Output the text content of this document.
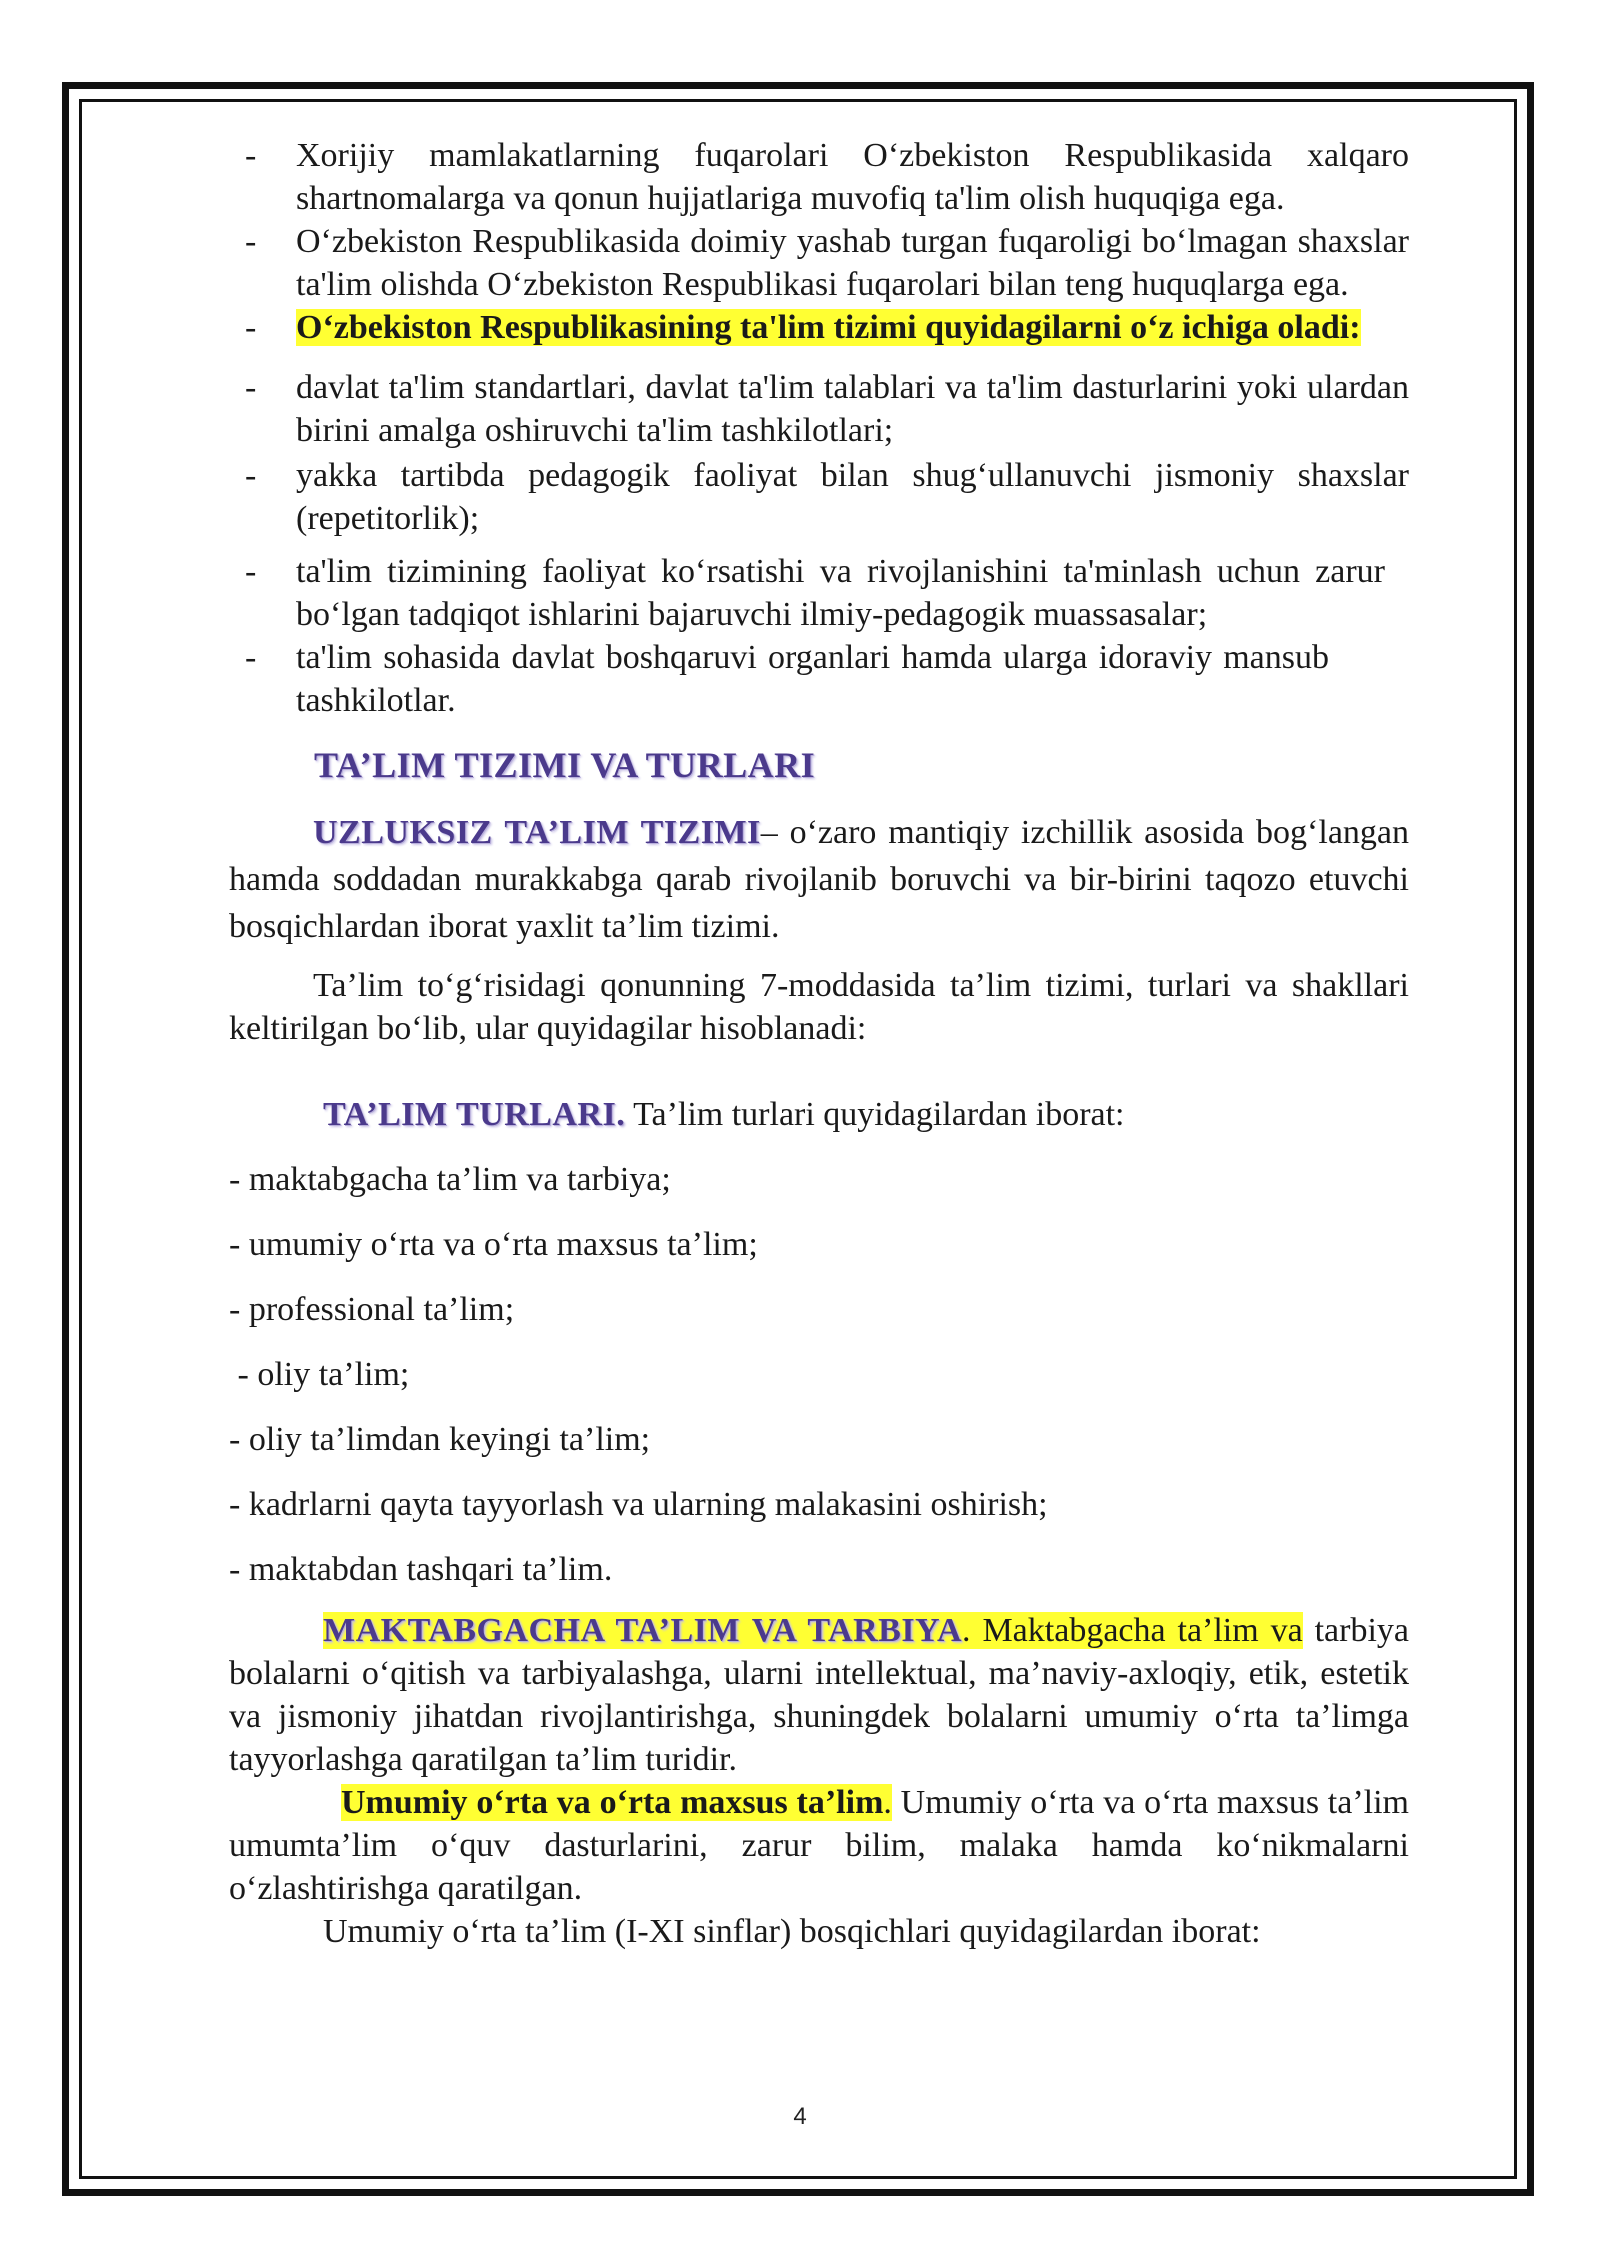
- Xorijiy mamlakatlarning fuqarolari O‘zbekiston Respublikasida xalqaro shartnomalarga va qonun hujjatlariga muvofiq ta'lim olish huquqiga ega.
- O‘zbekiston Respublikasida doimiy yashab turgan fuqaroligi bo‘lmagan shaxslar ta'lim olishda O‘zbekiston Respublikasi fuqarolari bilan teng huquqlarga ega.
- O‘zbekiston Respublikasining ta'lim tizimi quyidagilarni o‘z ichiga oladi:
- davlat ta'lim standartlari, davlat ta'lim talablari va ta'lim dasturlarini yoki ulardan birini amalga oshiruvchi ta'lim tashkilotlari;
- yakka tartibda pedagogik faoliyat bilan shug‘ullanuvchi jismoniy shaxslar (repetitorlik);
- ta'lim tizimining faoliyat ko‘rsatishi va rivojlanishini ta'minlash uchun zarur bo‘lgan tadqiqot ishlarini bajaruvchi ilmiy-pedagogik muassasalar;
- ta'lim sohasida davlat boshqaruvi organlari hamda ularga idoraviy mansub tashkilotlar.
TA’LIM TIZIMI VA TURLARI
UZLUKSIZ TA’LIM TIZIMI– o‘zaro mantiqiy izchillik asosida bog‘langan hamda soddadan murakkabga qarab rivojlanib boruvchi va bir-birini taqozo etuvchi bosqichlardan iborat yaxlit ta’lim tizimi.
Ta’lim to‘g‘risidagi qonunning 7-moddasida ta’lim tizimi, turlari va shakllari keltirilgan bo‘lib, ular quyidagilar hisoblanadi:
TA’LIM TURLARI. Ta’lim turlari quyidagilardan iborat:
- maktabgacha ta’lim va tarbiya;
- umumiy o‘rta va o‘rta maxsus ta’lim;
- professional ta’lim;
- oliy ta’lim;
- oliy ta’limdan keyingi ta’lim;
- kadrlarni qayta tayyorlash va ularning malakasini oshirish;
- maktabdan tashqari ta’lim.
MAKTABGACHA TA’LIM VA TARBIYA. Maktabgacha ta’lim va tarbiya bolalarni o‘qitish va tarbiyalashga, ularni intellektual, ma’naviy-axloqiy, etik, estetik va jismoniy jihatdan rivojlantirishga, shuningdek bolalarni umumiy o‘rta ta’limga tayyorlashga qaratilgan ta’lim turidir.
Umumiy o‘rta va o‘rta maxsus ta’lim. Umumiy o‘rta va o‘rta maxsus ta’lim umumta’lim o‘quv dasturlarini, zarur bilim, malaka hamda ko‘nikmalarni o‘zlashtirishga qaratilgan.
Umumiy o‘rta ta’lim (I-XI sinflar) bosqichlari quyidagilardan iborat:
4
